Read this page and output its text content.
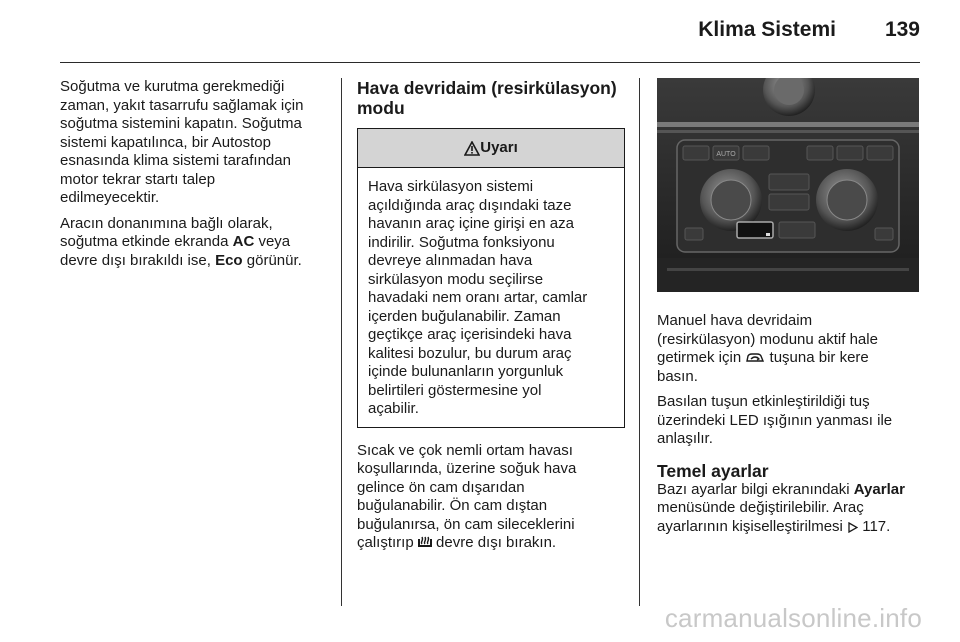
Klima Sistemi 139

Soğutma ve kurutma gerekmediği
zaman, yakıt tasarrufu sağlamak için
soğutma sistemini kapatın. Soğutma
sistemi kapatılınca, bir Autostop
esnasında klima sistemi tarafından
motor tekrar startı talep
edilmeyecektir.

Aracın donanımına bağlı olarak,
soğutma etkinde ekranda AC veya
devre dışı bırakıldı ise, Eco görünür.

Hava devridaim (resirkülasyon)
modu
Uyarı
Hava sirkülasyon sistemi
açıldığında araç dışındaki taze
havanın araç içine girişi en aza
indirilir. Soğutma fonksiyonu
devreye alınmadan hava
sirkülasyon modu seçilirse
havadaki nem oranı artar, camlar
içerden buğulanabilir. Zaman
geçtikçe araç içerisindeki hava
kalitesi bozulur, bu durum araç
içinde bulunanların yorgunluk
belirtileri göstermesine yol
açabilir.

Sıcak ve çok nemli ortam havası
koşullarında, üzerine soğuk hava
gelince ön cam dışarıdan
buğulanabilir. Ön cam dıştan
buğulanırsa, ön cam sileceklerini
çalıştırıp  devre dışı bırakın.

AUTO

Manuel hava devridaim
(resirkülasyon) modunu aktif hale
getirmek için  tuşuna bir kere
basın.

Basılan tuşun etkinleştirildiği tuş
üzerindeki LED ışığının yanması ile
anlaşılır.

Temel ayarlar

Bazı ayarlar bilgi ekranındaki Ayarlar
menüsünde değiştirilebilir. Araç
ayarlarının kişiselleştirilmesi  117.

carmanualsonline.info
